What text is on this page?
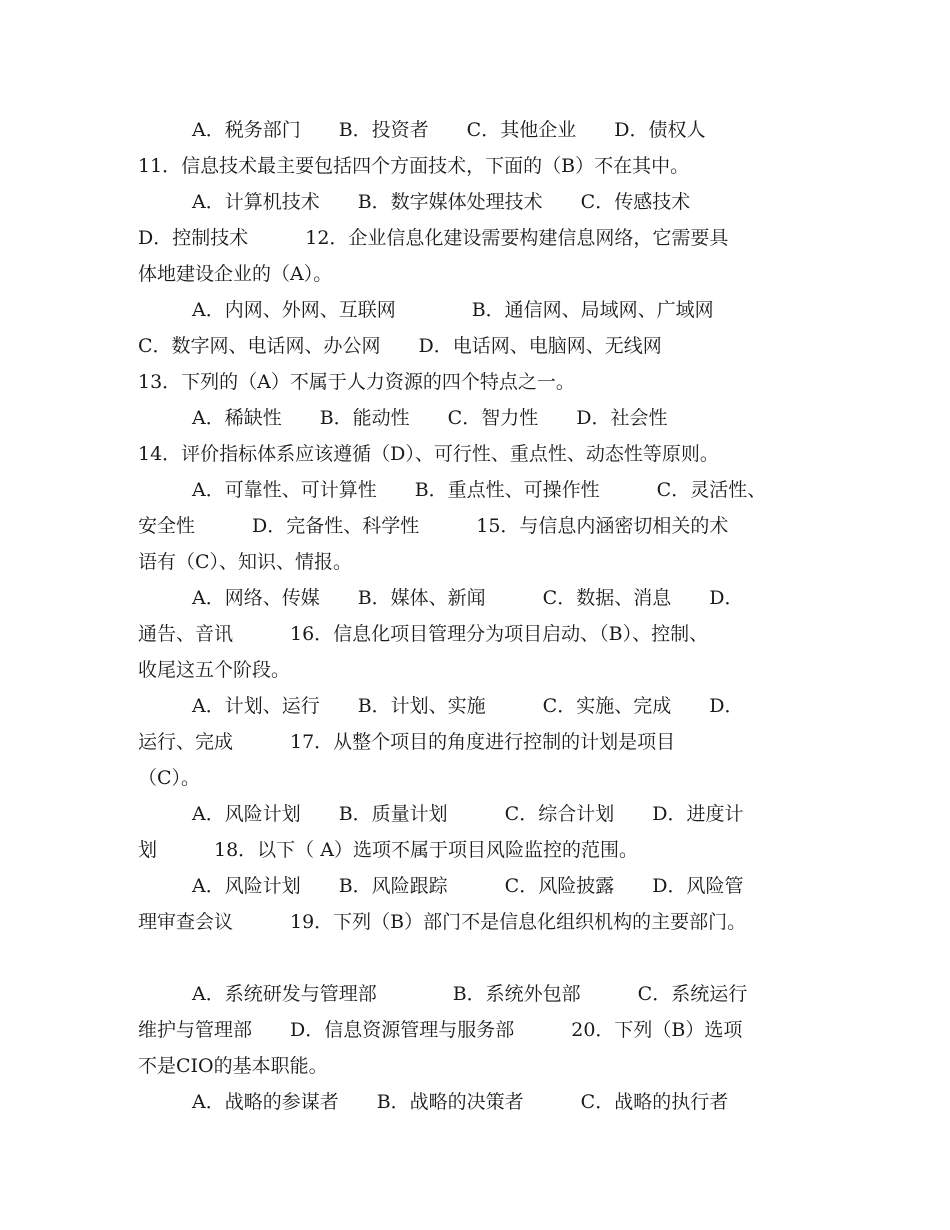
A．税务部门　　B．投资者　　C．其他企业　　D．债权人
11．信息技术最主要包括四个方面技术，下面的（B）不在其中。
A．计算机技术　　B．数字媒体处理技术　　C．传感技术
D．控制技术　　　12．企业信息化建设需要构建信息网络，它需要具
体地建设企业的（A）。
A．内网、外网、互联网　　　　B．通信网、局域网、广域网
C．数字网、电话网、办公网　　D．电话网、电脑网、无线网
13．下列的（A）不属于人力资源的四个特点之一。
A．稀缺性　　B．能动性　　C．智力性　　D．社会性
14．评价指标体系应该遵循（D）、可行性、重点性、动态性等原则。
A．可靠性、可计算性　　B．重点性、可操作性　　　C．灵活性、
安全性　　　D．完备性、科学性　　　15．与信息内涵密切相关的术
语有（C）、知识、情报。
A．网络、传媒　　B．媒体、新闻　　　C．数据、消息　　D．
通告、音讯　　　16．信息化项目管理分为项目启动、（B）、控制、
收尾这五个阶段。
A．计划、运行　　B．计划、实施　　　C．实施、完成　　D．
运行、完成　　　17．从整个项目的角度进行控制的计划是项目
（C）。
A．风险计划　　B．质量计划　　　C．综合计划　　D．进度计
划　　　18．以下（ A）选项不属于项目风险监控的范围。
A．风险计划　　B．风险跟踪　　　C．风险披露　　D．风险管
理审查会议　　　19．下列（B）部门不是信息化组织机构的主要部门。
A．系统研发与管理部　　　　B．系统外包部　　　C．系统运行
维护与管理部　　D．信息资源管理与服务部　　　20．下列（B）选项
不是CIO的基本职能。
A．战略的参谋者　　B．战略的决策者　　　C．战略的执行者
